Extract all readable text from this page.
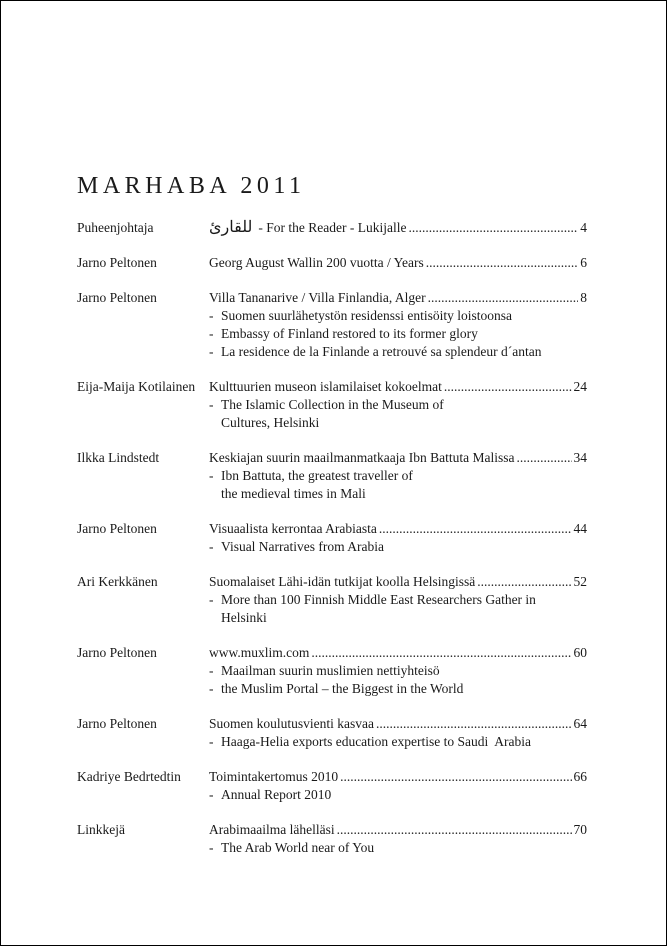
MARHABA 2011
Puheenjohtaja	للقارئ - For the Reader - Lukijalle .....	4
Jarno Peltonen	Georg August Wallin 200 vuotta / Years .....	6
Jarno Peltonen	Villa Tananarive / Villa Finlandia, Alger .....	8
- Suomen suurlähetystön residenssi entisöity loistoonsa
- Embassy of Finland restored to its former glory
- La residence de la Finlande a retrouvé sa splendeur d´antan
Eija-Maija Kotilainen	Kulttuurien museon islamilaiset kokoelmat .....	24
- The Islamic Collection in the Museum of Cultures, Helsinki
Ilkka Lindstedt	Keskiajan suurin maailmanmatkaaja Ibn Battuta Malissa .....	34
- Ibn Battuta, the greatest traveller of the medieval times in Mali
Jarno Peltonen	Visuaalista kerrontaa Arabiasta .....	44
- Visual Narratives from Arabia
Ari Kerkkänen	Suomalaiset Lähi-idän tutkijat koolla Helsingissä .....	52
- More than 100 Finnish Middle East Researchers Gather in Helsinki
Jarno Peltonen	www.muxlim.com .....	60
- Maailman suurin muslimien nettiyhteisö
- the Muslim Portal – the Biggest in the World
Jarno Peltonen	Suomen koulutusvienti kasvaa .....	64
- Haaga-Helia exports education expertise to Saudi  Arabia
Kadriye Bedrtedtin	Toimintakertomus 2010 .....	66
- Annual Report 2010
Linkkejä	Arabimaailma lähelläsi .....	70
- The Arab World near of You
